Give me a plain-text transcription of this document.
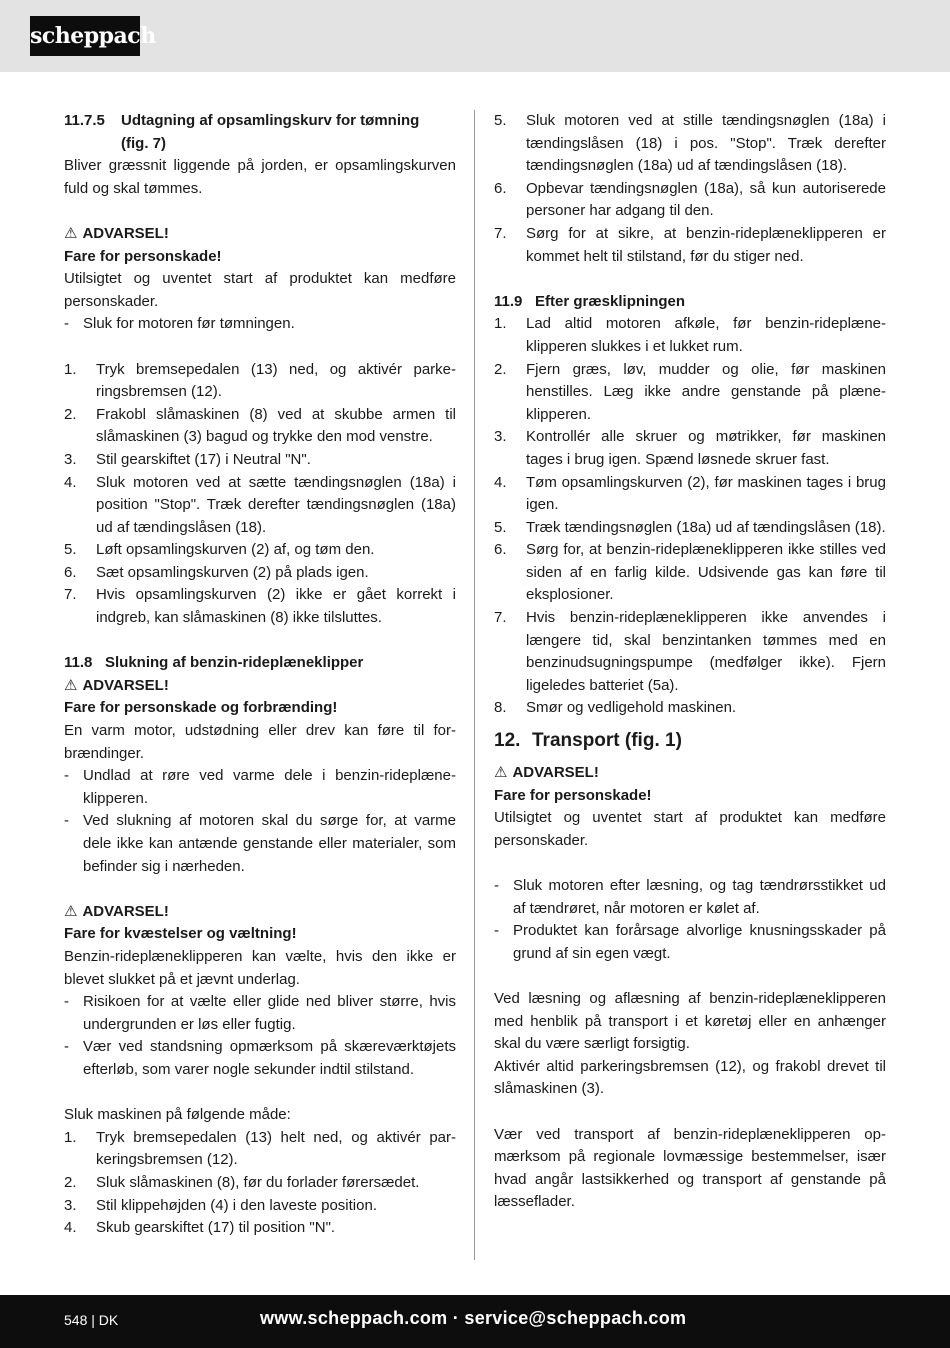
scheppach
11.7.5	Udtagning af opsamlingskurv for tømning
(fig. 7)

Bliver græssnit liggende på jorden, er opsamlingskurven fuld og skal tømmes.

⚠ ADVARSEL!

Fare for personskade!

Utilsigtet og uventet start af produktet kan medføre personskader.

- Sluk for motoren før tømningen.
1.	Tryk bremsepedalen (13) ned, og aktivér parkeringsbremsen (12).
2.	Frakobl slåmaskinen (8) ved at skubbe armen til slåmaskinen (3) bagud og trykke den mod venstre.
3.	Stil gearskiftet (17) i Neutral "N".
4.	Sluk motoren ved at sætte tændingsnøglen (18a) i position "Stop". Træk derefter tændingsnøglen (18a) ud af tændingslåsen (18).
5.	Løft opsamlingskurven (2) af, og tøm den.
6.	Sæt opsamlingskurven (2) på plads igen.
7.	Hvis opsamlingskurven (2) ikke er gået korrekt i indgreb, kan slåmaskinen (8) ikke tilsluttes.
11.8 Slukning af benzin-rideplæneklipper

⚠ ADVARSEL!

Fare for personskade og forbrænding!

En varm motor, udstødning eller drev kan føre til forbrændinger.

- Undlad at røre ved varme dele i benzin-rideplæneklipperen.
- Ved slukning af motoren skal du sørge for, at varme dele ikke kan antænde genstande eller materialer, som befinder sig i nærheden.

⚠ ADVARSEL!

Fare for kvæstelser og væltning!

Benzin-rideplæneklipperen kan vælte, hvis den ikke er blevet slukket på et jævnt underlag.

- Risikoen for at vælte eller glide ned bliver større, hvis undergrunden er løs eller fugtig.
- Vær ved standsning opmærksom på skæreværktøjets efterløb, som varer nogle sekunder indtil stilstand.

Sluk maskinen på følgende måde:

1.	Tryk bremsepedalen (13) helt ned, og aktivér parkeringsbremsen (12).
2.	Sluk slåmaskinen (8), før du forlader førersædet.
3.	Stil klippehøjden (4) i den laveste position.
4.	Skub gearskiftet (17) til position "N".
5.	Sluk motoren ved at stille tændingsnøglen (18a) i tændingslåsen (18) i pos. "Stop". Træk derefter tændingsnøglen (18a) ud af tændingslåsen (18).
6.	Opbevar tændingsnøglen (18a), så kun autoriserede personer har adgang til den.
7.	Sørg for at sikre, at benzin-rideplæneklipperen er kommet helt til stilstand, før du stiger ned.
11.9 Efter græsklipningen
1.	Lad altid motoren afkøle, før benzin-rideplæneklipperen slukkes i et lukket rum.
2.	Fjern græs, løv, mudder og olie, før maskinen henstilles. Læg ikke andre genstande på plæneklipperen.
3.	Kontrollér alle skruer og møtrikker, før maskinen tages i brug igen. Spænd løsnede skruer fast.
4.	Tøm opsamlingskurven (2), før maskinen tages i brug igen.
5.	Træk tændingsnøglen (18a) ud af tændingslåsen (18).
6.	Sørg for, at benzin-rideplæneklipperen ikke stilles ved siden af en farlig kilde. Udsivende gas kan føre til eksplosioner.
7.	Hvis benzin-rideplæneklipperen ikke anvendes i længere tid, skal benzintanken tømmes med en benzinudsugningspumpe (medfølger ikke). Fjern ligeledes batteriet (5a).
8.	Smør og vedligehold maskinen.
12. Transport (fig. 1)

⚠ ADVARSEL!

Fare for personskade!

Utilsigtet og uventet start af produktet kan medføre personskader.

- Sluk motoren efter læsning, og tag tændrørsstikket ud af tændrøret, når motoren er kølet af.
- Produktet kan forårsage alvorlige knusningsskader på grund af sin egen vægt.

Ved læsning og aflæsning af benzin-rideplæneklipperen med henblik på transport i et køretøj eller en anhænger skal du være særligt forsigtig.

Aktivér altid parkeringsbremsen (12), og frakobl drevet til slåmaskinen (3).

Vær ved transport af benzin-rideplæneklipperen opmærksom på regionale lovmæssige bestemmelser, især hvad angår lastsikkerhed og transport af genstande på læsseflader.

548 | DK	www.scheppach.com · service@scheppach.com
